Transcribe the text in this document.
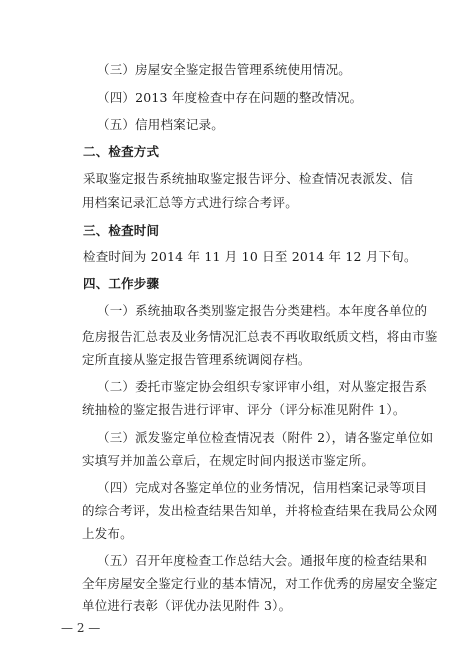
（三）房屋安全鉴定报告管理系统使用情况。
（四）2013 年度检查中存在问题的整改情况。
（五）信用档案记录。
二、检查方式
采取鉴定报告系统抽取鉴定报告评分、检查情况表派发、信
用档案记录汇总等方式进行综合考评。
三、检查时间
检查时间为 2014 年 11 月 10 日至 2014 年 12 月下旬。
四、工作步骤
（一）系统抽取各类别鉴定报告分类建档。本年度各单位的
危房报告汇总表及业务情况汇总表不再收取纸质文档，将由市鉴
定所直接从鉴定报告管理系统调阅存档。
（二）委托市鉴定协会组织专家评审小组，对从鉴定报告系
统抽检的鉴定报告进行评审、评分（评分标准见附件 1）。
（三）派发鉴定单位检查情况表（附件 2），请各鉴定单位如
实填写并加盖公章后，在规定时间内报送市鉴定所。
（四）完成对各鉴定单位的业务情况，信用档案记录等项目
的综合考评，发出检查结果告知单，并将检查结果在我局公众网
上发布。
（五）召开年度检查工作总结大会。通报年度的检查结果和
全年房屋安全鉴定行业的基本情况，对工作优秀的房屋安全鉴定
单位进行表彰（评优办法见附件 3）。
— 2 —
